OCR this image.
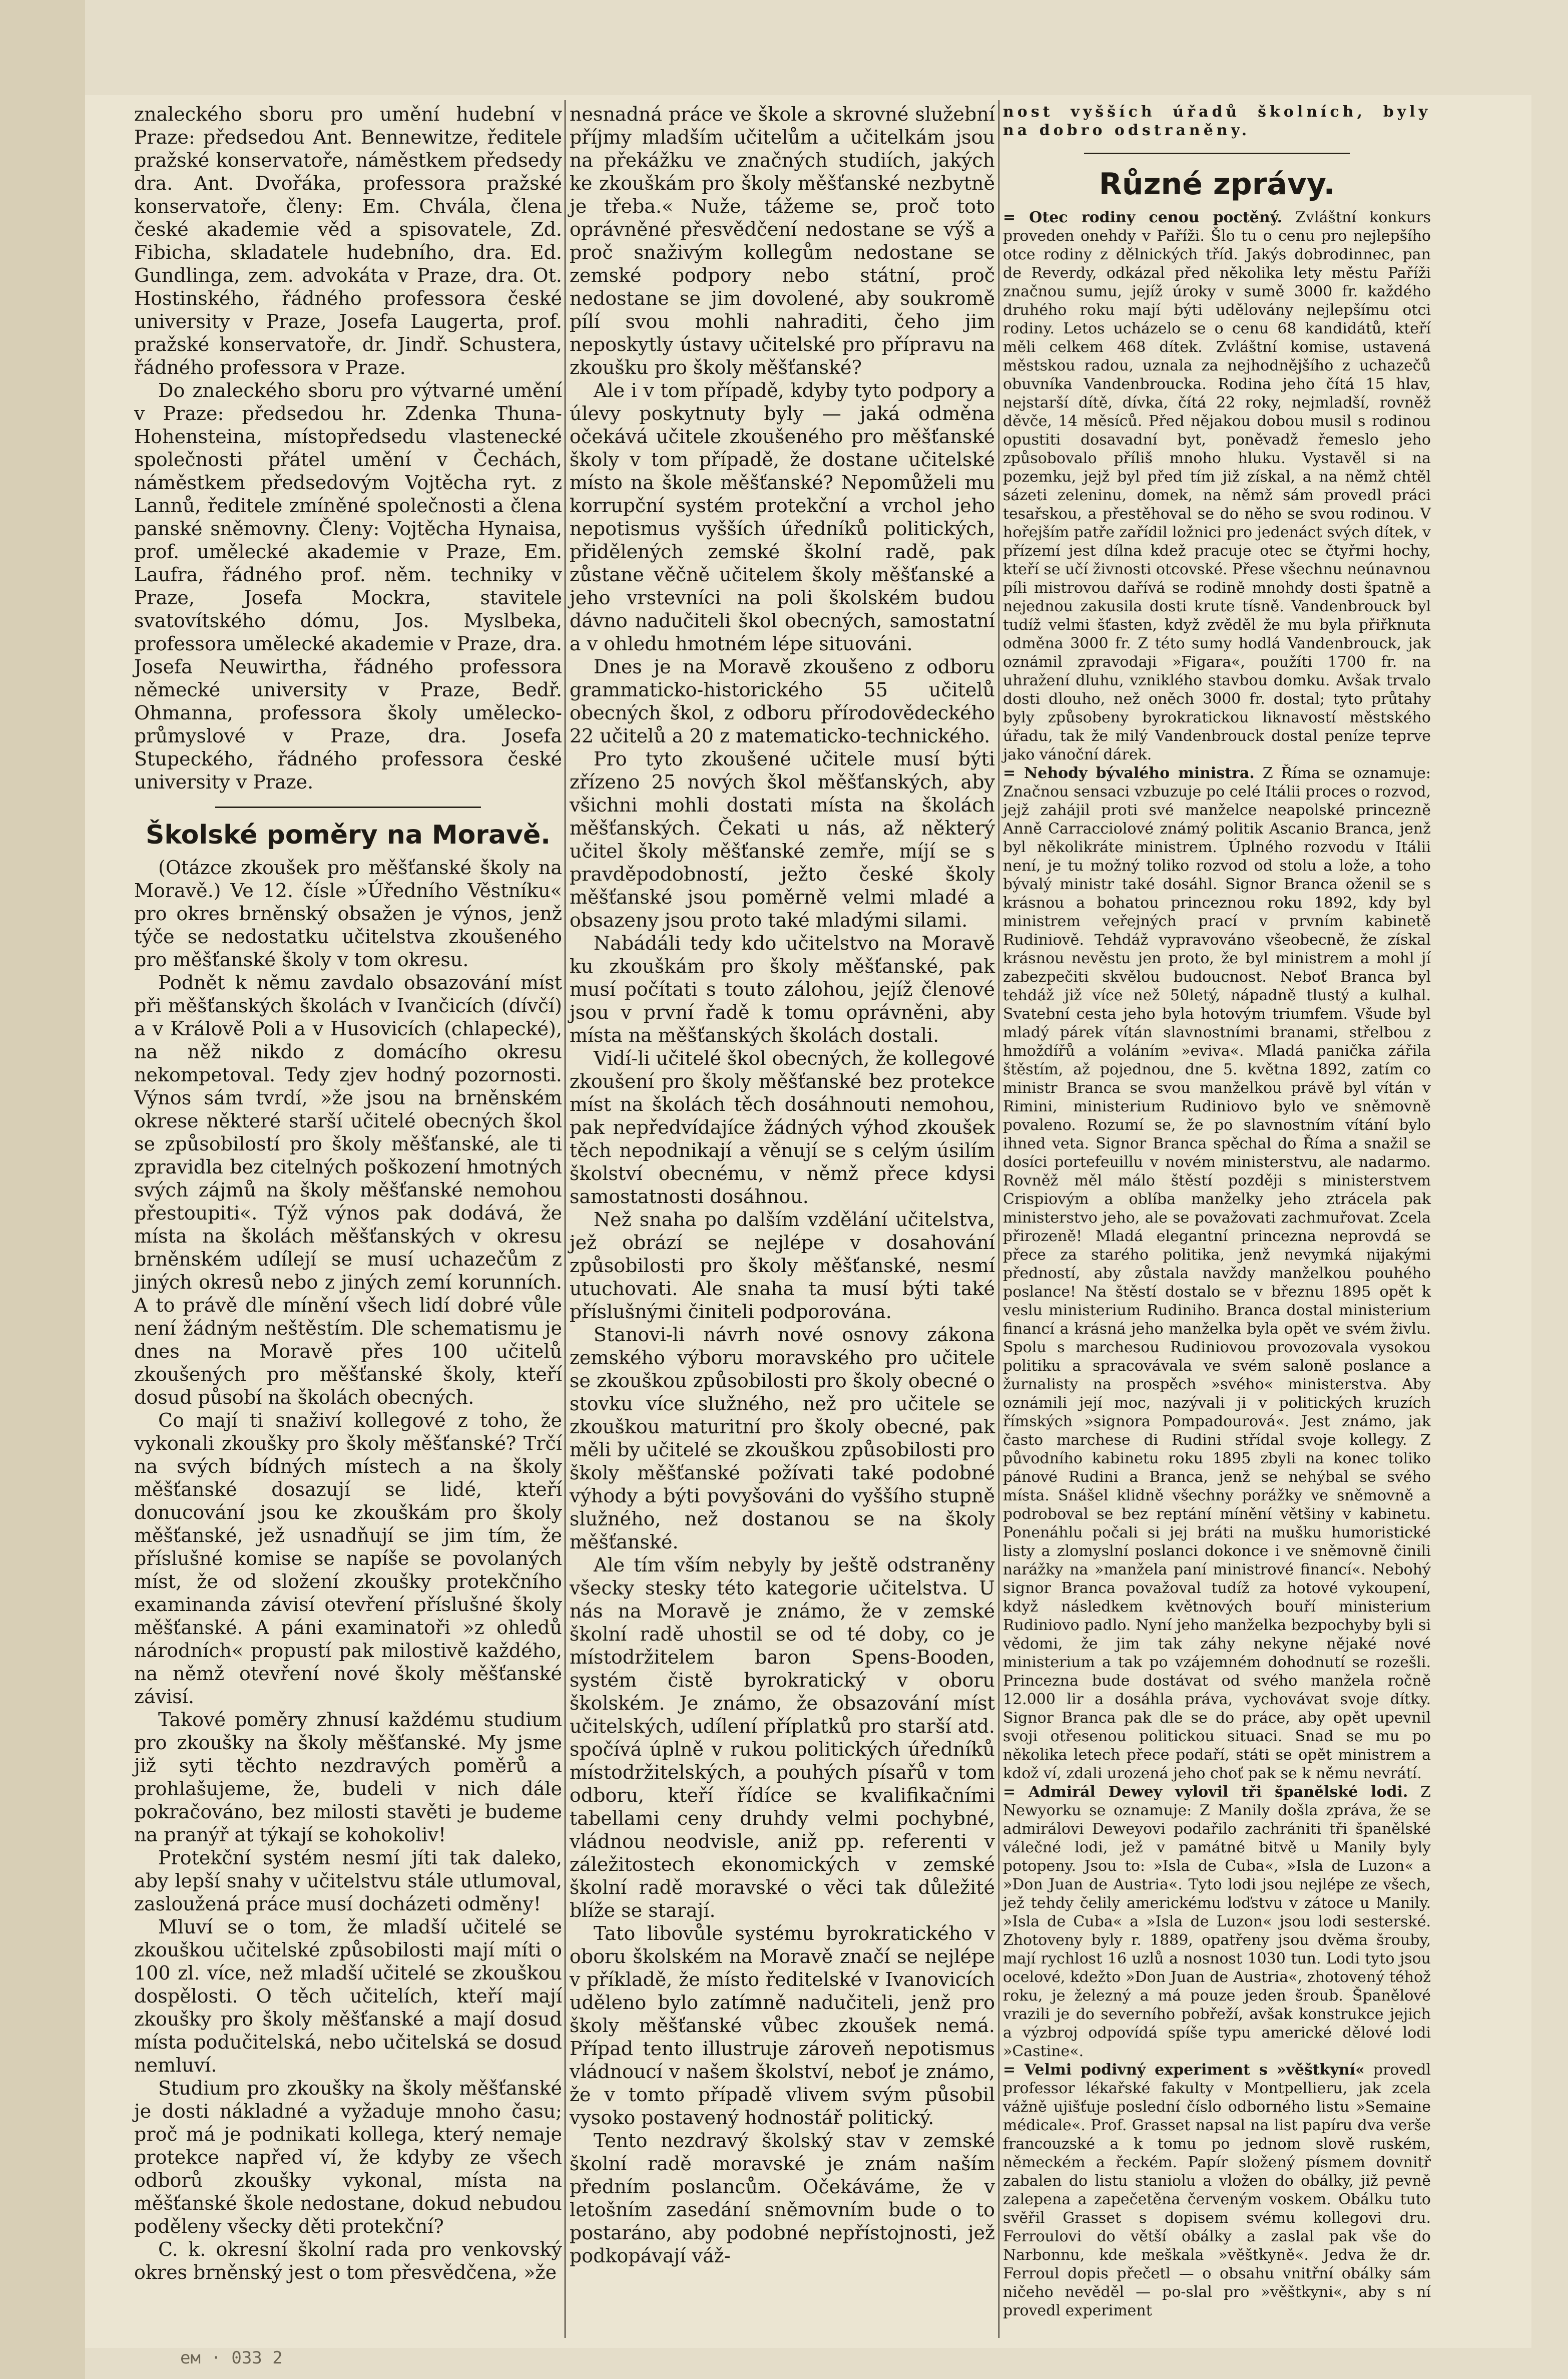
znaleckého sboru pro umění hudební v Praze: předsedou Ant. Bennewitze, ředitele pražské konservatoře, náměstkem předsedy dra. Ant. Dvořáka, professora pražské konservatoře, členy: Em. Chvála, člena české akademie věd a spisovatele, Zd. Fibicha, skladatele hudebního, dra. Ed. Gundlinga, zem. advokáta v Praze, dra. Ot. Hostinského, řádného professora české university v Praze, Josefa Laugerta, prof. pražské konservatoře, dr. Jindř. Schustera, řádného professora v Praze.

Do znaleckého sboru pro výtvarné umění v Praze: předsedou hr. Zdenka Thuna-Hohensteina, místopředsedu vlastenecké společnosti přátel umění v Čechách, náměstkem předsedovým Vojtěcha ryt. z Lannů, ředitele zmíněné společnosti a člena panské sněmovny. Členy: Vojtěcha Hynaisa, prof. umělecké akademie v Praze, Em. Laufra, řádného prof. něm. techniky v Praze, Josefa Mockra, stavitele svatovítského dómu, Jos. Myslbeka, professora umělecké akademie v Praze, dra. Josefa Neuwirtha, řádného professora německé university v Praze, Bedř. Ohmanna, professora školy umělecko-průmyslové v Praze, dra. Josefa Stupeckého, řádného professora české university v Praze.

Školské poměry na Moravě.

(Otázce zkoušek pro měšťanské školy na Moravě.) Ve 12. čísle »Úředního Věstníku« pro okres brněnský obsažen je výnos, jenž týče se nedostatku učitelstva zkoušeného pro měšťanské školy v tom okresu.

Podnět k němu zavdalo obsazování míst při měšťanských školách v Ivančicích (dívčí) a v Králově Poli a v Husovicích (chlapecké), na něž nikdo z domácího okresu nekompetoval. Tedy zjev hodný pozornosti. Výnos sám tvrdí, »že jsou na brněnském okrese některé starší učitelé obecných škol se způsobilostí pro školy měšťanské, ale ti zpravidla bez citelných poškození hmotných svých zájmů na školy měšťanské nemohou přestoupiti«. Týž výnos pak dodává, že místa na školách měšťanských v okresu brněnském udílejí se musí uchazečům z jiných okresů nebo z jiných zemí korunních. A to právě dle mínění všech lidí dobré vůle není žádným neštěstím. Dle schematismu je dnes na Moravě přes 100 učitelů zkoušených pro měšťanské školy, kteří dosud působí na školách obecných.

Co mají ti snaživí kollegové z toho, že vykonali zkoušky pro školy měšťanské? Trčí na svých bídných místech a na školy měšťanské dosazují se lidé, kteří donucování jsou ke zkouškám pro školy měšťanské, jež usnadňují se jim tím, že příslušné komise se napíše se povolaných míst, že od složení zkoušky protekčního examinanda závisí otevření příslušné školy měšťanské. A páni examinatoři »z ohledů národních« propustí pak milostivě každého, na němž otevření nové školy měšťanské závisí.

Takové poměry zhnusí každému studium pro zkoušky na školy měšťanské. My jsme již syti těchto nezdravých poměrů a prohlašujeme, že, budeli v nich dále pokračováno, bez milosti stavěti je budeme na pranýř at týkají se kohokoliv!

Protekční systém nesmí jíti tak daleko, aby lepší snahy v učitelstvu stále utlumoval, zasloužená práce musí docházeti odměny!

Mluví se o tom, že mladší učitelé se zkouškou učitelské způsobilosti mají míti o 100 zl. více, než mladší učitelé se zkouškou dospělosti. O těch učitelích, kteří mají zkoušky pro školy měšťanské a mají dosud místa podučitelská, nebo učitelská se dosud nemluví.

Studium pro zkoušky na školy měšťanské je dosti nákladné a vyžaduje mnoho času; proč má je podnikati kollega, který nemaje protekce napřed ví, že kdyby ze všech odborů zkoušky vykonal, místa na měšťanské škole nedostane, dokud nebudou poděleny všecky děti protekční?

C. k. okresní školní rada pro venkovský okres brněnský jest o tom přesvědčena, »že

nesnadná práce ve škole a skrovné služební příjmy mladším učitelům a učitelkám jsou na překážku ve značných studiích, jakých ke zkouškám pro školy měšťanské nezbytně je třeba.« Nuže, tážeme se, proč toto oprávněné přesvědčení nedostane se výš a proč snaživým kollegům nedostane se zemské podpory nebo státní, proč nedostane se jim dovolené, aby soukromě pílí svou mohli nahraditi, čeho jim neposkytly ústavy učitelské pro přípravu na zkoušku pro školy měšťanské?

Ale i v tom případě, kdyby tyto podpory a úlevy poskytnuty byly — jaká odměna očekává učitele zkoušeného pro měšťanské školy v tom případě, že dostane učitelské místo na škole měšťanské? Nepomůželi mu korrupční systém protekční a vrchol jeho nepotismus vyšších úředníků politických, přidělených zemské školní radě, pak zůstane věčně učitelem školy měšťanské a jeho vrstevníci na poli školském budou dávno nadučiteli škol obecných, samostatní a v ohledu hmotném lépe situováni.

Dnes je na Moravě zkoušeno z odboru grammaticko-historického 55 učitelů obecných škol, z odboru přírodovědeckého 22 učitelů a 20 z matematicko-technického.

Pro tyto zkoušené učitele musí býti zřízeno 25 nových škol měšťanských, aby všichni mohli dostati místa na školách měšťanských. Čekati u nás, až některý učitel školy měšťanské zemře, míjí se s pravděpodobností, ježto české školy měšťanské jsou poměrně velmi mladé a obsazeny jsou proto také mladými silami.

Nabádáli tedy kdo učitelstvo na Moravě ku zkouškám pro školy měšťanské, pak musí počítati s touto zálohou, jejíž členové jsou v první řadě k tomu oprávněni, aby místa na měšťanských školách dostali.

Vidí-li učitelé škol obecných, že kollegové zkoušení pro školy měšťanské bez protekce míst na školách těch dosáhnouti nemohou, pak nepředvídajíce žádných výhod zkoušek těch nepodnikají a věnují se s celým úsilím školství obecnému, v němž přece kdysi samostatnosti dosáhnou.

Než snaha po dalším vzdělání učitelstva, jež obrází se nejlépe v dosahování způsobilosti pro školy měšťanské, nesmí utuchovati. Ale snaha ta musí býti také příslušnými činiteli podporována.

Stanovi-li návrh nové osnovy zákona zemského výboru moravského pro učitele se zkouškou způsobilosti pro školy obecné o stovku více služného, než pro učitele se zkouškou maturitní pro školy obecné, pak měli by učitelé se zkouškou způsobilosti pro školy měšťanské požívati také podobné výhody a býti povyšováni do vyššího stupně služného, než dostanou se na školy měšťanské.

Ale tím vším nebyly by ještě odstraněny všecky stesky této kategorie učitelstva. U nás na Moravě je známo, že v zemské školní radě uhostil se od té doby, co je místodržitelem baron Spens-Booden, systém čistě byrokratický v oboru školském. Je známo, že obsazování míst učitelských, udílení příplatků pro starší atd. spočívá úplně v rukou politických úředníků místodržitelských, a pouhých písařů v tom odboru, kteří řídíce se kvalifikačními tabellami ceny druhdy velmi pochybné, vládnou neodvisle, aniž pp. referenti v záležitostech ekonomických v zemské školní radě moravské o věci tak důležité blíže se starají.

Tato libovůle systému byrokratického v oboru školském na Moravě značí se nejlépe v příkladě, že místo ředitelské v Ivanovicích uděleno bylo zatímně nadučiteli, jenž pro školy měšťanské vůbec zkoušek nemá. Případ tento illustruje zároveň nepotismus vládnoucí v našem školství, neboť je známo, že v tomto případě vlivem svým působil vysoko postavený hodnostář politický.

Tento nezdravý školský stav v zemské školní radě moravské je znám naším předním poslancům. Očekáváme, že v letošním zasedání sněmovním bude o to postaráno, aby podobné nepřístojnosti, jež podkopávají váž-

nost vyšších úřadů školních, byly na dobro odstraněny.

Různé zprávy.

= Otec rodiny cenou poctěný. Zvláštní konkurs proveden onehdy v Paříži. Šlo tu o cenu pro nejlepšího otce rodiny z dělnických tříd. Jakýs dobrodinnec, pan de Reverdy, odkázal před několika lety městu Paříži značnou sumu, jejíž úroky v sumě 3000 fr. každého druhého roku mají býti udělovány nejlepšímu otci rodiny. Letos ucházelo se o cenu 68 kandidátů, kteří měli celkem 468 dítek. Zvláštní komise, ustavená městskou radou, uznala za nejhodnějšího z uchazečů obuvníka Vandenbroucka. Rodina jeho čítá 15 hlav, nejstarší dítě, dívka, čítá 22 roky, nejmladší, rovněž děvče, 14 měsíců. Před nějakou dobou musil s rodinou opustiti dosavadní byt, poněvadž řemeslo jeho způsobovalo příliš mnoho hluku. Vystavěl si na pozemku, jejž byl před tím již získal, a na němž chtěl sázeti zeleninu, domek, na němž sám provedl práci tesařskou, a přestěhoval se do něho se svou rodinou. V hořejším patře zařídil ložnici pro jedenáct svých dítek, v přízemí jest dílna kdež pracuje otec se čtyřmi hochy, kteří se učí živnosti otcovské. Přese všechnu neúnavnou píli mistrovou dařívá se rodině mnohdy dosti špatně a nejednou zakusila dosti krute tísně. Vandenbrouck byl tudíž velmi šťasten, když zvěděl že mu byla přiřknuta odměna 3000 fr. Z této sumy hodlá Vandenbrouck, jak oznámil zpravodaji »Figara«, použíti 1700 fr. na uhražení dluhu, vzniklého stavbou domku. Avšak trvalo dosti dlouho, než oněch 3000 fr. dostal; tyto průtahy byly způsobeny byrokratickou liknavostí městského úřadu, tak že milý Vandenbrouck dostal peníze teprve jako vánoční dárek.

= Nehody bývalého ministra. Z Říma se oznamuje: Značnou sensaci vzbuzuje po celé Itálii proces o rozvod, jejž zahájil proti své manželce neapolské princezně Anně Carracciolové známý politik Ascanio Branca, jenž byl několikráte ministrem. Úplného rozvodu v Itálii není, je tu možný toliko rozvod od stolu a lože, a toho bývalý ministr také dosáhl. Signor Branca oženil se s krásnou a bohatou princeznou roku 1892, kdy byl ministrem veřejných prací v prvním kabinetě Rudiniově. Tehdáž vypravováno všeobecně, že získal krásnou nevěstu jen proto, že byl ministrem a mohl jí zabezpečiti skvělou budoucnost. Neboť Branca byl tehdáž již více než 50letý, nápadně tlustý a kulhal. Svatební cesta jeho byla hotovým triumfem. Všude byl mladý párek vítán slavnostními branami, střelbou z hmoždířů a voláním »eviva«. Mladá panička zářila štěstím, až pojednou, dne 5. května 1892, zatím co ministr Branca se svou manželkou právě byl vítán v Rimini, ministerium Rudiniovo bylo ve sněmovně povaleno. Rozumí se, že po slavnostním vítání bylo ihned veta. Signor Branca spěchal do Říma a snažil se dosíci portefeuillu v novém ministerstvu, ale nadarmo. Rovněž měl málo štěstí později s ministerstvem Crispiovým a oblíba manželky jeho ztrácela pak ministerstvo jeho, ale se považovati zachmuřovat. Zcela přirozeně! Mladá elegantní princezna neprovdá se přece za starého politika, jenž nevymká nijakými předností, aby zůstala navždy manželkou pouhého poslance! Na štěstí dostalo se v březnu 1895 opět k veslu ministerium Rudiniho. Branca dostal ministerium financí a krásná jeho manželka byla opět ve svém živlu. Spolu s marchesou Rudiniovou provozovala vysokou politiku a spracovávala ve svém saloně poslance a žurnalisty na prospěch »svého« ministerstva. Aby oznámili její moc, nazývali ji v politických kruzích římských »signora Pompadourová«. Jest známo, jak často marchese di Rudini střídal svoje kollegy. Z původního kabinetu roku 1895 zbyli na konec toliko pánové Rudini a Branca, jenž se nehýbal se svého místa. Snášel klidně všechny porážky ve sněmovně a podroboval se bez reptání mínění většiny v kabinetu. Ponenáhlu počali si jej bráti na mušku humoristické listy a zlomyslní poslanci dokonce i ve sněmovně činili narážky na »manžela paní ministrové financí«. Nebohý signor Branca považoval tudíž za hotové vykoupení, když následkem květnových bouří ministerium Rudiniovo padlo. Nyní jeho manželka bezpochyby byli si vědomi, že jim tak záhy nekyne nějaké nové ministerium a tak po vzájemném dohodnutí se rozešli. Princezna bude dostávat od svého manžela ročně 12.000 lir a dosáhla práva, vychovávat svoje dítky. Signor Branca pak dle se do práce, aby opět upevnil svoji otřesenou politickou situaci. Snad se mu po několika letech přece podaří, státi se opět ministrem a kdož ví, zdali urozená jeho choť pak se k němu nevrátí.

= Admirál Dewey vylovil tři španělské lodi. Z Newyorku se oznamuje: Z Manily došla zpráva, že se admirálovi Deweyovi podařilo zachrániti tři španělské válečné lodi, jež v památné bitvě u Manily byly potopeny. Jsou to: »Isla de Cuba«, »Isla de Luzon« a »Don Juan de Austria«. Tyto lodi jsou nejlépe ze všech, jež tehdy čelily americkému loďstvu v zátoce u Manily. »Isla de Cuba« a »Isla de Luzon« jsou lodi sesterské. Zhotoveny byly r. 1889, opatřeny jsou dvěma šrouby, mají rychlost 16 uzlů a nosnost 1030 tun. Lodi tyto jsou ocelové, kdežto »Don Juan de Austria«, zhotovený téhož roku, je železný a má pouze jeden šroub. Španělové vrazili je do severního pobřeží, avšak konstrukce jejich a výzbroj odpovídá spíše typu americké dělové lodi »Castine«.

= Velmi podivný experiment s »věštkyní« provedl professor lékařské fakulty v Montpellieru, jak zcela vážně ujišťuje poslední číslo odborného listu »Semaine médicale«. Prof. Grasset napsal na list papíru dva verše francouzské a k tomu po jednom slově ruském, německém a řeckém. Papír složený písmem dovnitř zabalen do listu staniolu a vložen do obálky, již pevně zalepena a zapečetěna červeným voskem. Obálku tuto svěřil Grasset s dopisem svému kollegovi dru. Ferroulovi do větší obálky a zaslal pak vše do Narbonnu, kde meškala »věštkyně«. Jedva že dr. Ferroul dopis přečetl — o obsahu vnitřní obálky sám ničeho nevěděl — po-slal pro »věštkyni«, aby s ní provedl experiment

ем · 033 2
